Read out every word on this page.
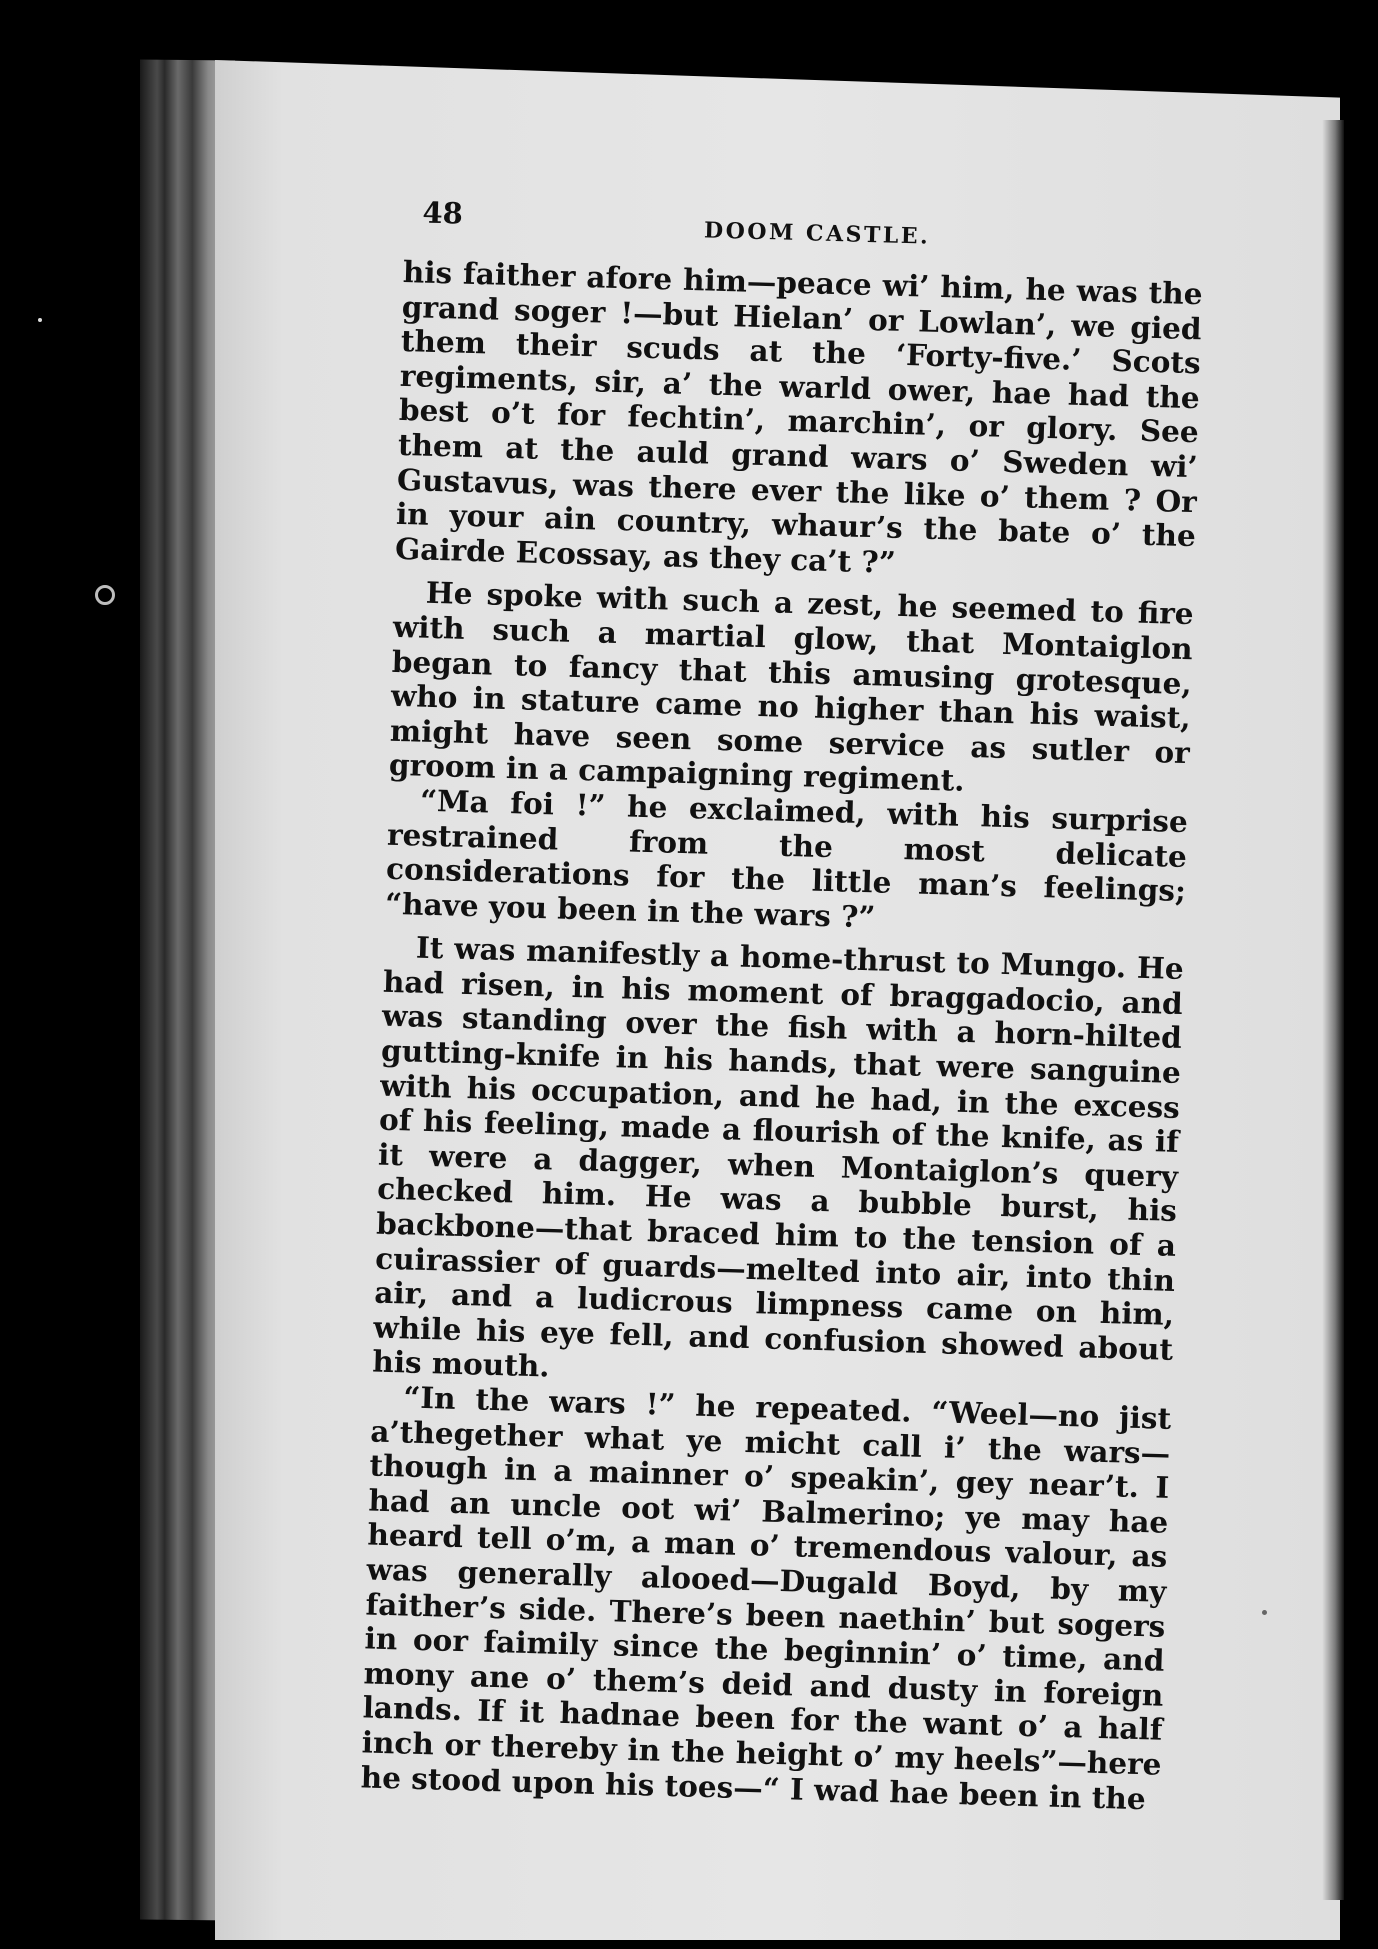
48
DOOM CASTLE.

his faither afore him—peace wi’ him, he was the grand soger !—but Hielan’ or Lowlan’, we gied them their scuds at the ‘Forty-five.’ Scots regiments, sir, a’ the warld ower, hae had the best o’t for fechtin’, marchin’, or glory. See them at the auld grand wars o’ Sweden wi’ Gustavus, was there ever the like o’ them ? Or in your ain country, whaur’s the bate o’ the Gairde Ecossay, as they ca’t ?”

He spoke with such a zest, he seemed to fire with such a martial glow, that Montaiglon began to fancy that this amusing grotesque, who in stature came no higher than his waist, might have seen some service as sutler or groom in a campaigning regiment.

“Ma foi !” he exclaimed, with his surprise restrained from the most delicate considerations for the little man’s feelings; “have you been in the wars ?”

It was manifestly a home-thrust to Mungo. He had risen, in his moment of braggadocio, and was standing over the fish with a horn-hilted gutting-knife in his hands, that were sanguine with his occupation, and he had, in the excess of his feeling, made a flourish of the knife, as if it were a dagger, when Montaiglon’s query checked him. He was a bubble burst, his backbone—that braced him to the tension of a cuirassier of guards—melted into air, into thin air, and a ludicrous limpness came on him, while his eye fell, and confusion showed about his mouth.

“In the wars !” he repeated. “Weel—no jist a’thegether what ye micht call i’ the wars—though in a mainner o’ speakin’, gey near’t. I had an uncle oot wi’ Balmerino; ye may hae heard tell o’m, a man o’ tremendous valour, as was generally alooed—Dugald Boyd, by my faither’s side. There’s been naethin’ but sogers in oor faimily since the beginnin’ o’ time, and mony ane o’ them’s deid and dusty in foreign lands. If it hadnae been for the want o’ a half inch or thereby in the height o’ my heels”—here he stood upon his toes—“ I wad hae been in the
